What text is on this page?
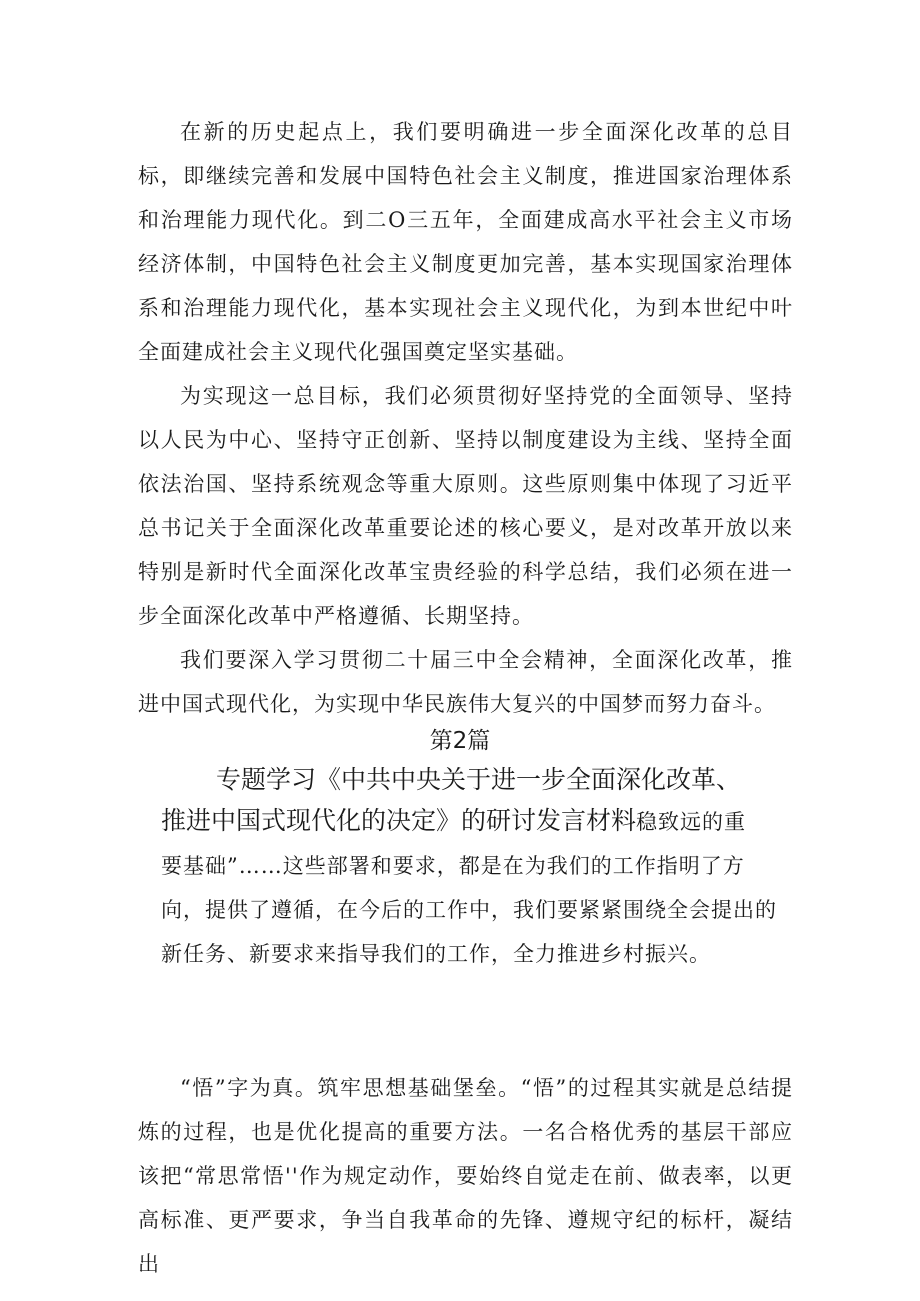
在新的历史起点上，我们要明确进一步全面深化改革的总目标，即继续完善和发展中国特色社会主义制度，推进国家治理体系和治理能力现代化。到二O三五年，全面建成高水平社会主义市场经济体制，中国特色社会主义制度更加完善，基本实现国家治理体系和治理能力现代化，基本实现社会主义现代化，为到本世纪中叶全面建成社会主义现代化强国奠定坚实基础。

为实现这一总目标，我们必须贯彻好坚持党的全面领导、坚持以人民为中心、坚持守正创新、坚持以制度建设为主线、坚持全面依法治国、坚持系统观念等重大原则。这些原则集中体现了习近平总书记关于全面深化改革重要论述的核心要义，是对改革开放以来特别是新时代全面深化改革宝贵经验的科学总结，我们必须在进一步全面深化改革中严格遵循、长期坚持。

我们要深入学习贯彻二十届三中全会精神，全面深化改革，推进中国式现代化，为实现中华民族伟大复兴的中国梦而努力奋斗。

第2篇
专题学习《中共中央关于进一步全面深化改革、
推进中国式现代化的决定》的研讨发言材料稳致远的重

要基础”……这些部署和要求，都是在为我们的工作指明了方向，提供了遵循，在今后的工作中，我们要紧紧围绕全会提出的新任务、新要求来指导我们的工作，全力推进乡村振兴。

“悟”字为真。筑牢思想基础堡垒。“悟”的过程其实就是总结提炼的过程，也是优化提高的重要方法。一名合格优秀的基层干部应该把“常思常悟''作为规定动作，要始终自觉走在前、做表率，以更高标准、更严要求，争当自我革命的先锋、遵规守纪的标杆，凝结出
